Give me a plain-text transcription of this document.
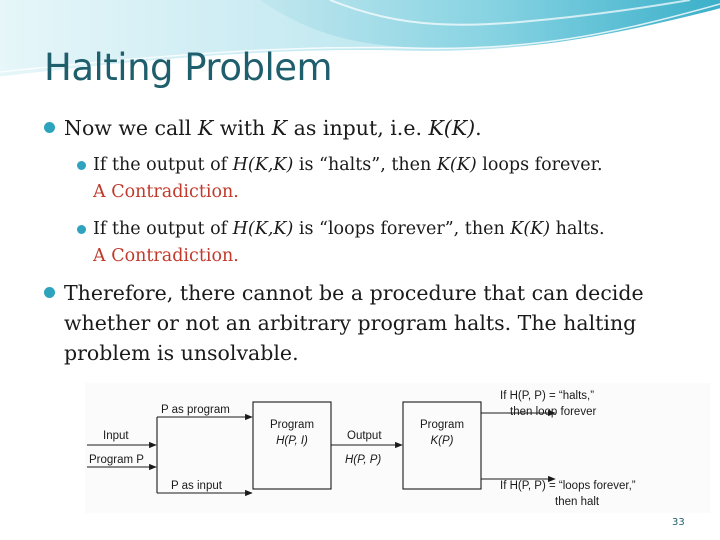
Halting Problem
Now we call K with K as input, i.e. K(K).
If the output of H(K,K) is “halts”, then K(K) loops forever.
A Contradiction.
If the output of H(K,K) is “loops forever”, then K(K) halts.
A Contradiction.
Therefore, there cannot be a procedure that can decide whether or not an arbitrary program halts. The halting problem is unsolvable.
P as program
Input
Program P
P as input
Program
H(P, I)	Output
H(P, P)
Program
K(P)
If H(P, P) = “halts,”
then loop forever
If H(P, P) = “loops forever,”
then halt
33
